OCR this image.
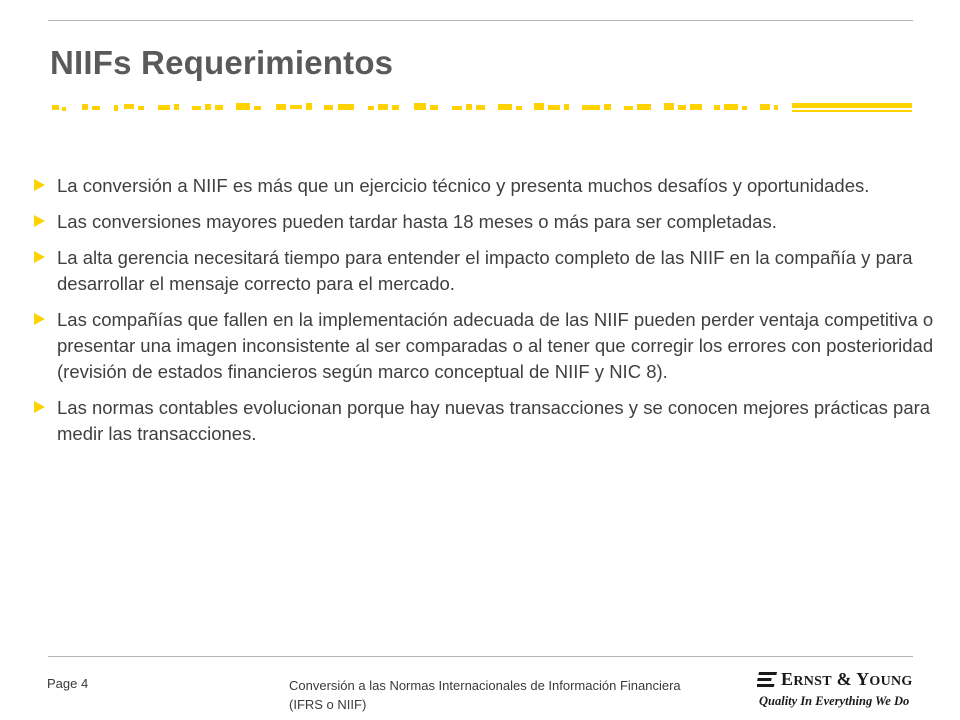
NIIFs Requerimientos
La conversión a NIIF es más que un ejercicio técnico y presenta muchos desafíos y oportunidades.
Las conversiones mayores pueden tardar hasta 18 meses o más para ser completadas.
La alta gerencia necesitará tiempo para entender el impacto completo de las NIIF en la compañía y para desarrollar el mensaje correcto para el mercado.
Las compañías que fallen en la implementación adecuada de las NIIF pueden perder ventaja competitiva o presentar una imagen inconsistente al ser comparadas o al tener que corregir los errores con posterioridad (revisión de estados financieros según marco conceptual de NIIF y NIC 8).
Las normas contables evolucionan porque hay nuevas transacciones y se conocen mejores prácticas para medir las transacciones.
Page 4	Conversión a las Normas Internacionales de Información Financiera (IFRS o NIIF)
ERNST & YOUNG
Quality In Everything We Do
